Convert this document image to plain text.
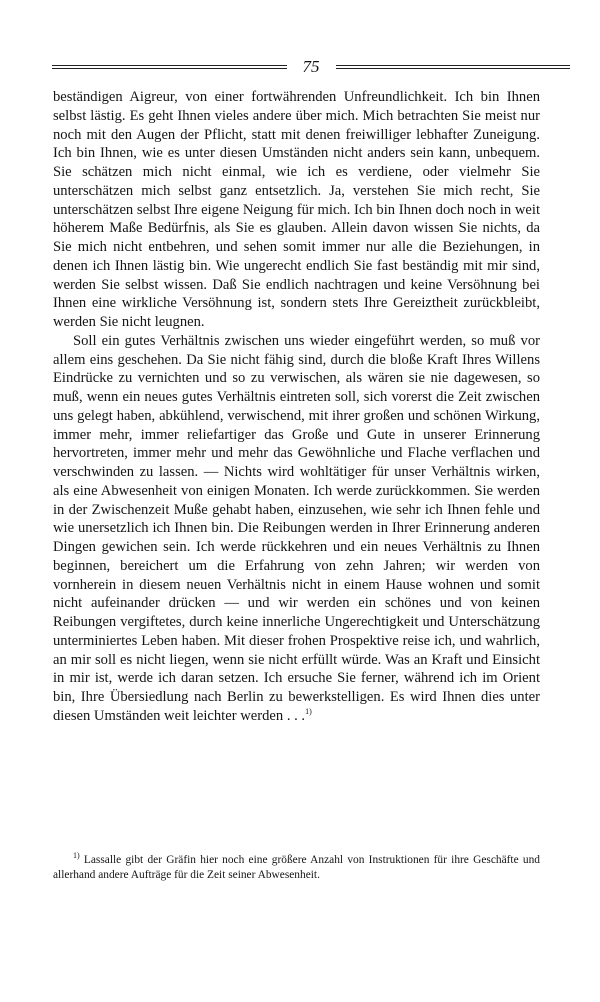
75

beständigen Aigreur, von einer fortwährenden Unfreundlichkeit. Ich bin Ihnen selbst lästig. Es geht Ihnen vieles andere über mich. Mich betrachten Sie meist nur noch mit den Augen der Pflicht, statt mit denen freiwilliger lebhafter Zuneigung. Ich bin Ihnen, wie es unter diesen Umständen nicht anders sein kann, unbequem. Sie schätzen mich nicht einmal, wie ich es verdiene, oder vielmehr Sie unterschätzen mich selbst ganz entsetzlich. Ja, verstehen Sie mich recht, Sie unterschätzen selbst Ihre eigene Neigung für mich. Ich bin Ihnen doch noch in weit höherem Maße Bedürfnis, als Sie es glauben. Allein davon wissen Sie nichts, da Sie mich nicht entbehren, und sehen somit immer nur alle die Beziehungen, in denen ich Ihnen lästig bin. Wie ungerecht endlich Sie fast beständig mit mir sind, werden Sie selbst wissen. Daß Sie endlich nachtragen und keine Versöhnung bei Ihnen eine wirkliche Versöhnung ist, sondern stets Ihre Gereiztheit zurückbleibt, werden Sie nicht leugnen.

Soll ein gutes Verhältnis zwischen uns wieder eingeführt werden, so muß vor allem eins geschehen. Da Sie nicht fähig sind, durch die bloße Kraft Ihres Willens Eindrücke zu vernichten und so zu verwischen, als wären sie nie dagewesen, so muß, wenn ein neues gutes Verhältnis eintreten soll, sich vorerst die Zeit zwischen uns gelegt haben, abkühlend, verwischend, mit ihrer großen und schönen Wirkung, immer mehr, immer reliefartiger das Große und Gute in unserer Erinnerung hervortreten, immer mehr und mehr das Gewöhnliche und Flache verflachen und verschwinden zu lassen. — Nichts wird wohltätiger für unser Verhältnis wirken, als eine Abwesenheit von einigen Monaten. Ich werde zurückkommen. Sie werden in der Zwischenzeit Muße gehabt haben, einzusehen, wie sehr ich Ihnen fehle und wie unersetzlich ich Ihnen bin. Die Reibungen werden in Ihrer Erinnerung anderen Dingen gewichen sein. Ich werde rückkehren und ein neues Verhältnis zu Ihnen beginnen, bereichert um die Erfahrung von zehn Jahren; wir werden von vornherein in diesem neuen Verhältnis nicht in einem Hause wohnen und somit nicht aufeinander drücken — und wir werden ein schönes und von keinen Reibungen vergiftetes, durch keine innerliche Ungerechtigkeit und Unterschätzung unterminiertes Leben haben. Mit dieser frohen Prospektive reise ich, und wahrlich, an mir soll es nicht liegen, wenn sie nicht erfüllt würde. Was an Kraft und Einsicht in mir ist, werde ich daran setzen. Ich ersuche Sie ferner, während ich im Orient bin, Ihre Übersiedlung nach Berlin zu bewerkstelligen. Es wird Ihnen dies unter diesen Umständen weit leichter werden . . .$^{1)}$

$^{1)}$ Lassalle gibt der Gräfin hier noch eine größere Anzahl von Instruktionen für ihre Geschäfte und allerhand andere Aufträge für die Zeit seiner Abwesenheit.
